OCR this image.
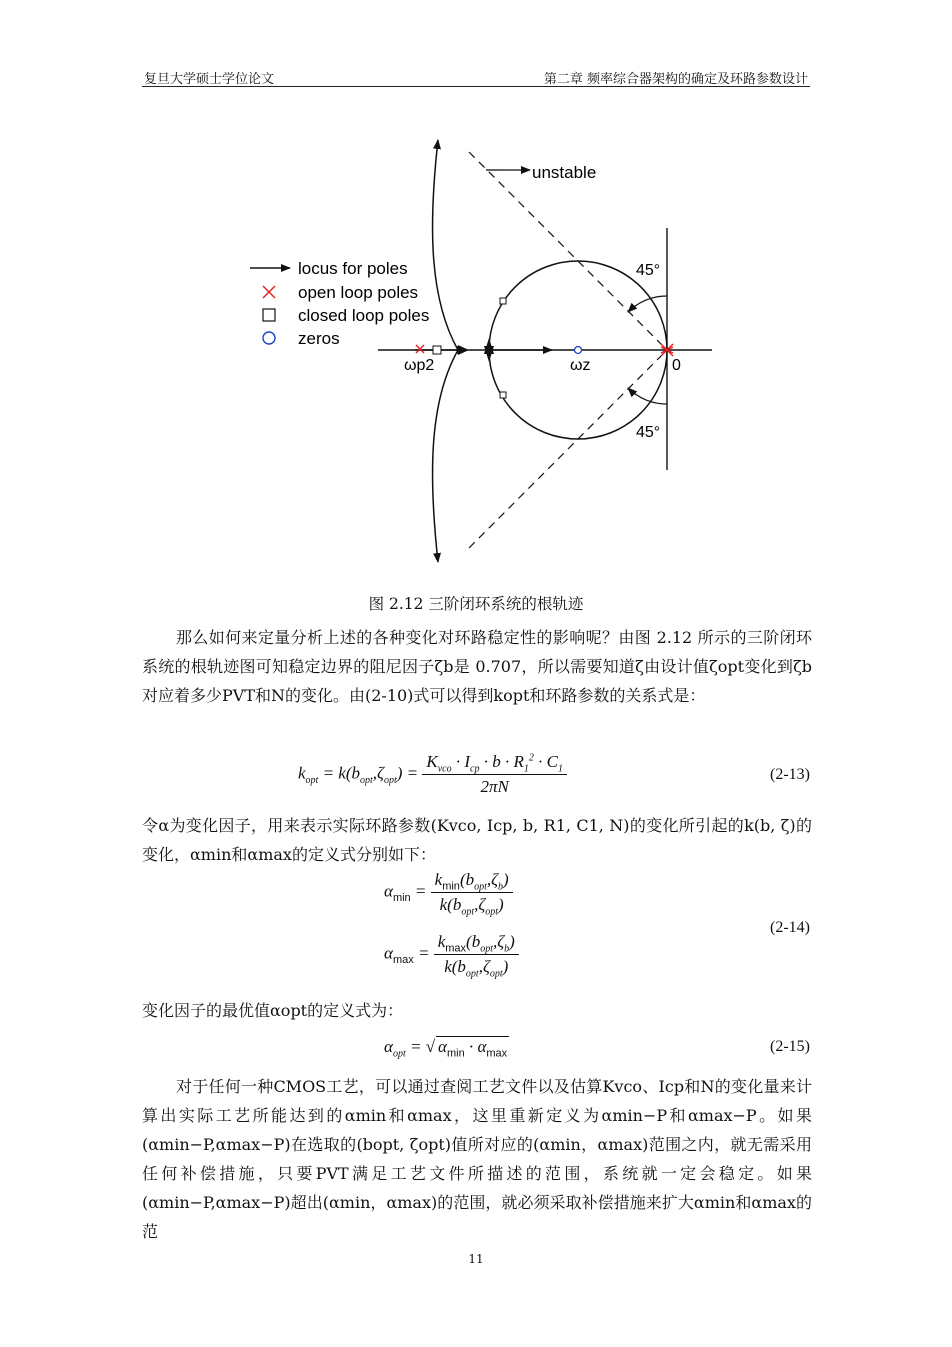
复旦大学硕士学位论文	第二章 频率综合器架构的确定及环路参数设计
unstable
45°
45°
ωp2	ωz	0
locus for poles
open loop poles
closed loop poles
zeros
图 2.12 三阶闭环系统的根轨迹
那么如何来定量分析上述的各种变化对环路稳定性的影响呢？由图 2.12 所示的三阶闭环系统的根轨迹图可知稳定边界的阻尼因子ζb是 0.707，所以需要知道ζ由设计值ζopt变化到ζb对应着多少PVT和N的变化。由(2-10)式可以得到kopt和环路参数的关系式是：
$k_{opt} = k(b_{opt},\zeta_{opt}) = \frac{K_{vco} \cdot I_{cp} \cdot b \cdot R_1^2 \cdot C_1}{2\pi N}$	(2-13)
令α为变化因子，用来表示实际环路参数(Kvco, Icp, b, R1, C1, N)的变化所引起的k(b, ζ)的变化，αmin和αmax的定义式分别如下：
$\alpha_{min} = \frac{k_{min}(b_{opt},\zeta_b)}{k(b_{opt},\zeta_{opt})}$
$\alpha_{max} = \frac{k_{max}(b_{opt},\zeta_b)}{k(b_{opt},\zeta_{opt})}$
(2-14)
变化因子的最优值αopt的定义式为：
$\alpha_{opt}$ = √ $\alpha_{min} \cdot \alpha_{max}$	(2-15)
对于任何一种CMOS工艺，可以通过查阅工艺文件以及估算Kvco、Icp和N的变化量来计算出实际工艺所能达到的αmin和αmax，这里重新定义为αmin−P和αmax−P。如果(αmin−P,αmax−P)在选取的(bopt, ζopt)值所对应的(αmin，αmax)范围之内，就无需采用任何补偿措施，只要PVT满足工艺文件所描述的范围，系统就一定会稳定。如果(αmin−P,αmax−P)超出(αmin，αmax)的范围，就必须采取补偿措施来扩大αmin和αmax的范
11
